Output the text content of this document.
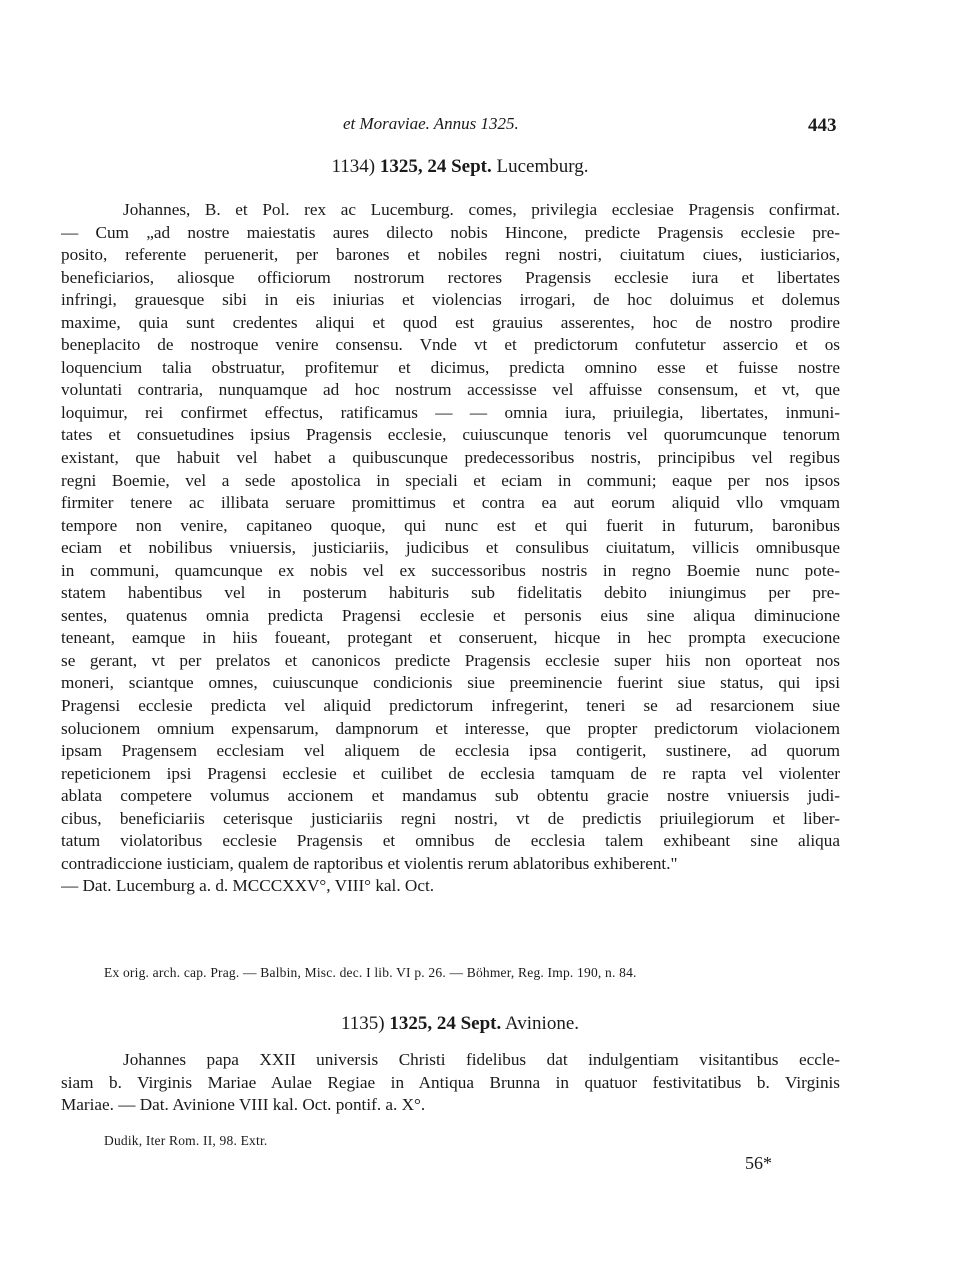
et Moraviae. Annus 1325.	443
1134) 1325, 24 Sept. Lucemburg.
Johannes, B. et Pol. rex ac Lucemburg. comes, privilegia ecclesiae Pragensis confirmat.
— Cum „ad nostre maiestatis aures dilecto nobis Hincone, predicte Pragensis ecclesie pre-
posito, referente peruenerit, per barones et nobiles regni nostri, ciuitatum ciues, iusticiarios,
beneficiarios, aliosque officiorum nostrorum rectores Pragensis ecclesie iura et libertates
infringi, grauesque sibi in eis iniurias et violencias irrogari, de hoc doluimus et dolemus
maxime, quia sunt credentes aliqui et quod est grauius asserentes, hoc de nostro prodire
beneplacito de nostroque venire consensu. Vnde vt et predictorum confutetur assercio et os
loquencium talia obstruatur, profitemur et dicimus, predicta omnino esse et fuisse nostre
voluntati contraria, nunquamque ad hoc nostrum accessisse vel affuisse consensum, et vt, que
loquimur, rei confirmet effectus, ratificamus — — omnia iura, priuilegia, libertates, inmuni-
tates et consuetudines ipsius Pragensis ecclesie, cuiuscunque tenoris vel quorumcunque tenorum
existant, que habuit vel habet a quibuscunque predecessoribus nostris, principibus vel regibus
regni Boemie, vel a sede apostolica in speciali et eciam in communi; eaque per nos ipsos
firmiter tenere ac illibata seruare promittimus et contra ea aut eorum aliquid vllo vmquam
tempore non venire, capitaneo quoque, qui nunc est et qui fuerit in futurum, baronibus
eciam et nobilibus vniuersis, justiciariis, judicibus et consulibus ciuitatum, villicis omnibusque
in communi, quamcunque ex nobis vel ex successoribus nostris in regno Boemie nunc pote-
statem habentibus vel in posterum habituris sub fidelitatis debito iniungimus per pre-
sentes, quatenus omnia predicta Pragensi ecclesie et personis eius sine aliqua diminucione
teneant, eamque in hiis foueant, protegant et conseruent, hicque in hec prompta execucione
se gerant, vt per prelatos et canonicos predicte Pragensis ecclesie super hiis non oporteat nos
moneri, sciantque omnes, cuiuscunque condicionis siue preeminencie fuerint siue status, qui ipsi
Pragensi ecclesie predicta vel aliquid predictorum infregerint, teneri se ad resarcionem siue
solucionem omnium expensarum, dampnorum et interesse, que propter predictorum violacionem
ipsam Pragensem ecclesiam vel aliquem de ecclesia ipsa contigerit, sustinere, ad quorum
repeticionem ipsi Pragensi ecclesie et cuilibet de ecclesia tamquam de re rapta vel violenter
ablata competere volumus accionem et mandamus sub obtentu gracie nostre vniuersis judi-
cibus, beneficiariis ceterisque justiciariis regni nostri, vt de predictis priuilegiorum et liber-
tatum violatoribus ecclesie Pragensis et omnibus de ecclesia talem exhibeant sine aliqua
contradiccione iusticiam, qualem de raptoribus et violentis rerum ablatoribus exhiberent."
— Dat. Lucemburg a. d. MCCCXXV°, VIII° kal. Oct.
Ex orig. arch. cap. Prag. — Balbin, Misc. dec. I lib. VI p. 26. — Böhmer, Reg. Imp. 190, n. 84.
1135) 1325, 24 Sept. Avinione.
Johannes papa XXII universis Christi fidelibus dat indulgentiam visitantibus eccle-
siam b. Virginis Mariae Aulae Regiae in Antiqua Brunna in quatuor festivitatibus b. Virginis
Mariae. — Dat. Avinione VIII kal. Oct. pontif. a. X°.
Dudik, Iter Rom. II, 98. Extr.
56*
